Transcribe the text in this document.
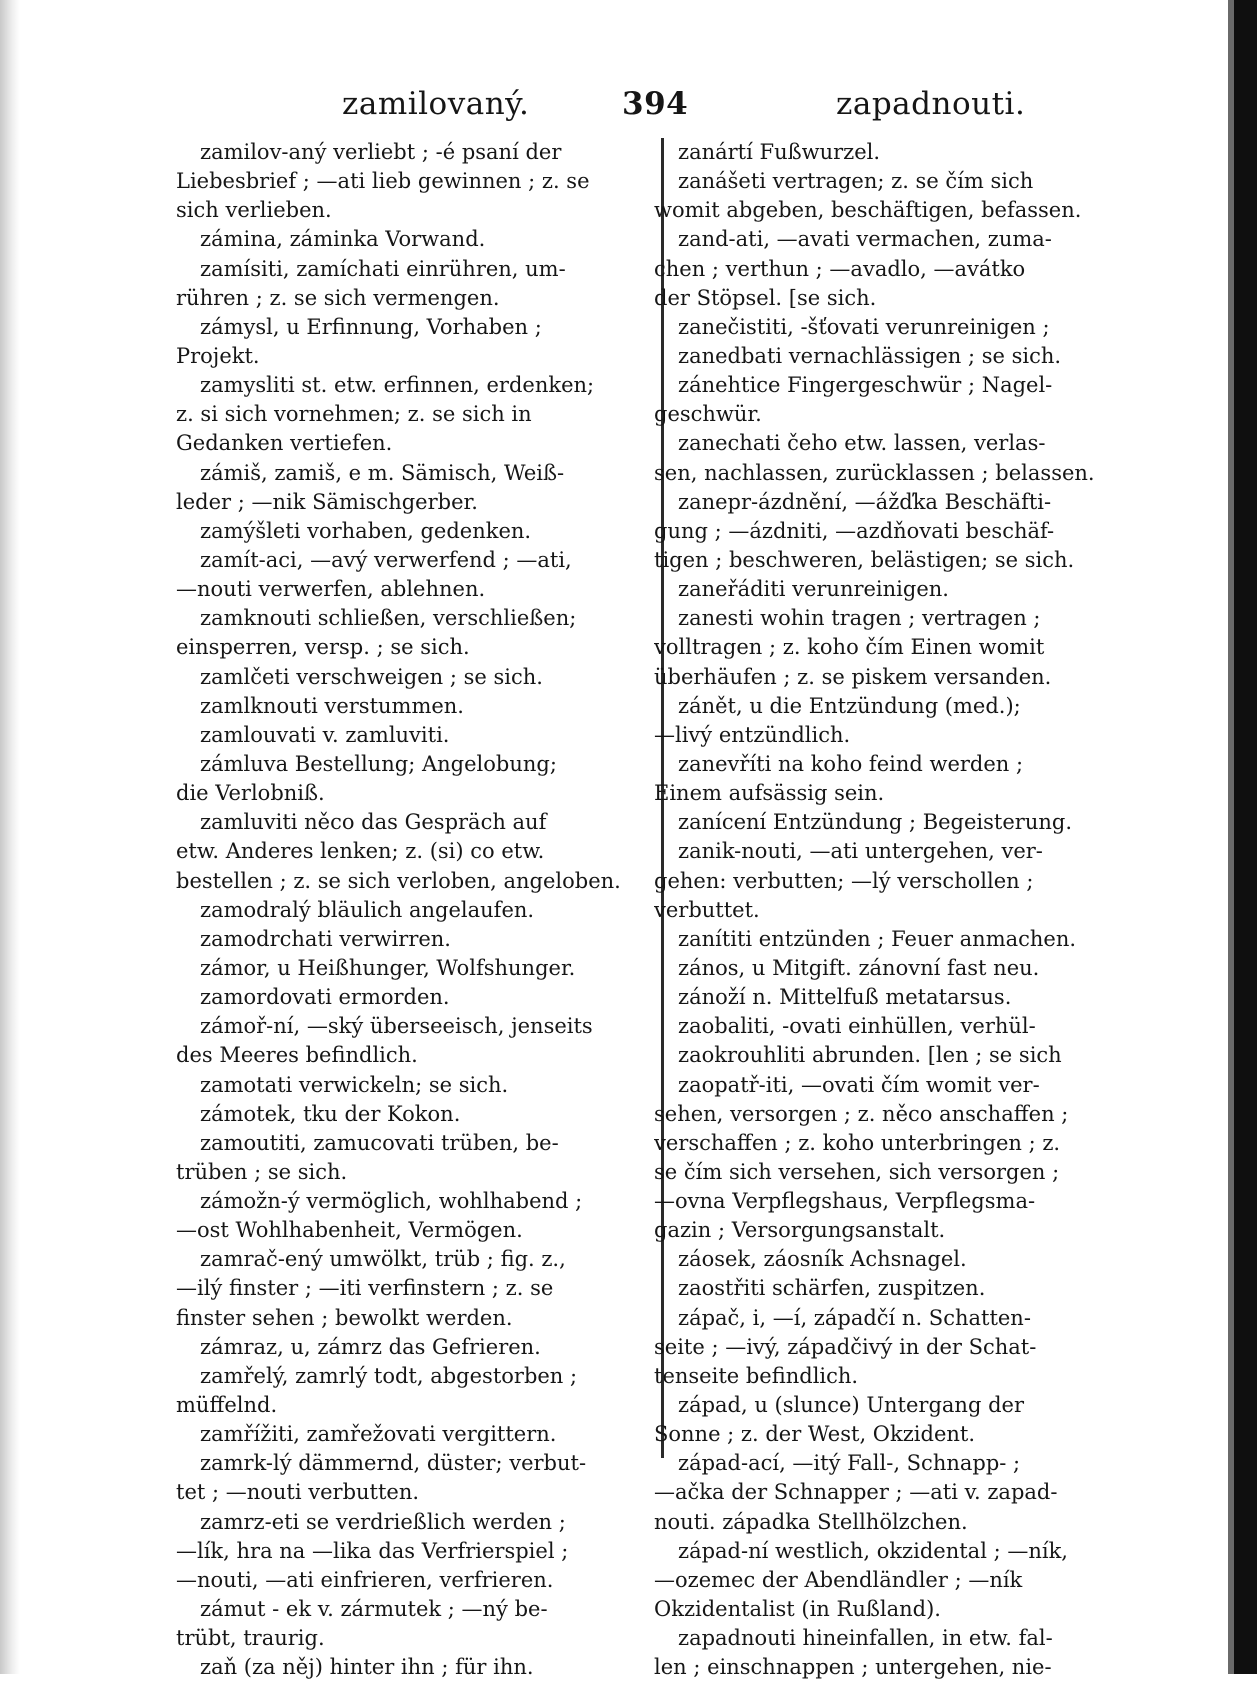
zamilovaný.	394	zapadnouti.
zamilov-aný verliebt ; -é psaní der
Liebesbrief ; —ati lieb gewinnen ; z. se
sich verlieben.
zámina, záminka Vorwand.
zamísiti, zamíchati einrühren, um-
rühren ; z. se sich vermengen.
zámysl, u Erfinnung, Vorhaben ;
Projekt.
zamysliti st. etw. erfinnen, erdenken;
z. si sich vornehmen; z. se sich in
Gedanken vertiefen.
zámiš, zamiš, e m. Sämisch, Weiß-
leder ; —nik Sämischgerber.
zamýšleti vorhaben, gedenken.
zamít-aci, —avý verwerfend ; —ati,
—nouti verwerfen, ablehnen.
zamknouti schließen, verschließen;
einsperren, versp. ; se sich.
zamlčeti verschweigen ; se sich.
zamlknouti verstummen.
zamlouvati v. zamluviti.
zámluva Bestellung; Angelobung;
die Verlobniß.
zamluviti něco das Gespräch auf
etw. Anderes lenken; z. (si) co etw.
bestellen ; z. se sich verloben, angeloben.
zamodralý bläulich angelaufen.
zamodrchati verwirren.
zámor, u Heißhunger, Wolfshunger.
zamordovati ermorden.
zámoř-ní, —ský überseeisch, jenseits
des Meeres befindlich.
zamotati verwickeln; se sich.
zámotek, tku der Kokon.
zamoutiti, zamucovati trüben, be-
trüben ; se sich.
zámožn-ý vermöglich, wohlhabend ;
—ost Wohlhabenheit, Vermögen.
zamrač-ený umwölkt, trüb ; fig. z.,
—ilý finster ; —iti verfinstern ; z. se
finster sehen ; bewolkt werden.
zámraz, u, zámrz das Gefrieren.
zamřelý, zamrlý todt, abgestorben ;
müffelnd.
zamřížiti, zamřežovati vergittern.
zamrk-lý dämmernd, düster; verbut-
tet ; —nouti verbutten.
zamrz-eti se verdrießlich werden ;
—lík, hra na —lika das Verfrierspiel ;
—nouti, —ati einfrieren, verfrieren.
zámut - ek v. zármutek ; —ný be-
trübt, traurig.
zaň (za něj) hinter ihn ; für ihn.
zanártí Fußwurzel.
zanášeti vertragen; z. se čím sich
womit abgeben, beschäftigen, befassen.
zand-ati, —avati vermachen, zuma-
chen ; verthun ; —avadlo, —avátko
der Stöpsel. [se sich.
zanečistiti, -šťovati verunreinigen ;
zanedbati vernachlässigen ; se sich.
zánehtice Fingergeschwür ; Nagel-
geschwür.
zanechati čeho etw. lassen, verlas-
sen, nachlassen, zurücklassen ; belassen.
zanepr-ázdnění, —ážďka Beschäfti-
gung ; —ázdniti, —azdňovati beschäf-
tigen ; beschweren, belästigen; se sich.
zaneřáditi verunreinigen.
zanesti wohin tragen ; vertragen ;
volltragen ; z. koho čím Einen womit
überhäufen ; z. se piskem versanden.
zánět, u die Entzündung (med.);
—livý entzündlich.
zanevříti na koho feind werden ;
Einem aufsässig sein.
zanícení Entzündung ; Begeisterung.
zanik-nouti, —ati untergehen, ver-
gehen: verbutten; —lý verschollen ;
verbuttet.
zanítiti entzünden ; Feuer anmachen.
zános, u Mitgift. zánovní fast neu.
zánoží n. Mittelfuß metatarsus.
zaobaliti, -ovati einhüllen, verhül-
zaokrouhliti abrunden. [len ; se sich
zaopatř-iti, —ovati čím womit ver-
sehen, versorgen ; z. něco anschaffen ;
verschaffen ; z. koho unterbringen ; z.
se čím sich versehen, sich versorgen ;
—ovna Verpflegshaus, Verpflegsma-
gazin ; Versorgungsanstalt.
záosek, záosník Achsnagel.
zaostřiti schärfen, zuspitzen.
zápač, i, —í, západčí n. Schatten-
seite ; —ivý, západčivý in der Schat-
tenseite befindlich.
západ, u (slunce) Untergang der
Sonne ; z. der West, Okzident.
západ-ací, —itý Fall-, Schnapp- ;
—ačka der Schnapper ; —ati v. zapad-
nouti. západka Stellhölzchen.
západ-ní westlich, okzidental ; —ník,
—ozemec der Abendländler ; —ník
Okzidentalist (in Rußland).
zapadnouti hineinfallen, in etw. fal-
len ; einschnappen ; untergehen, nie-
